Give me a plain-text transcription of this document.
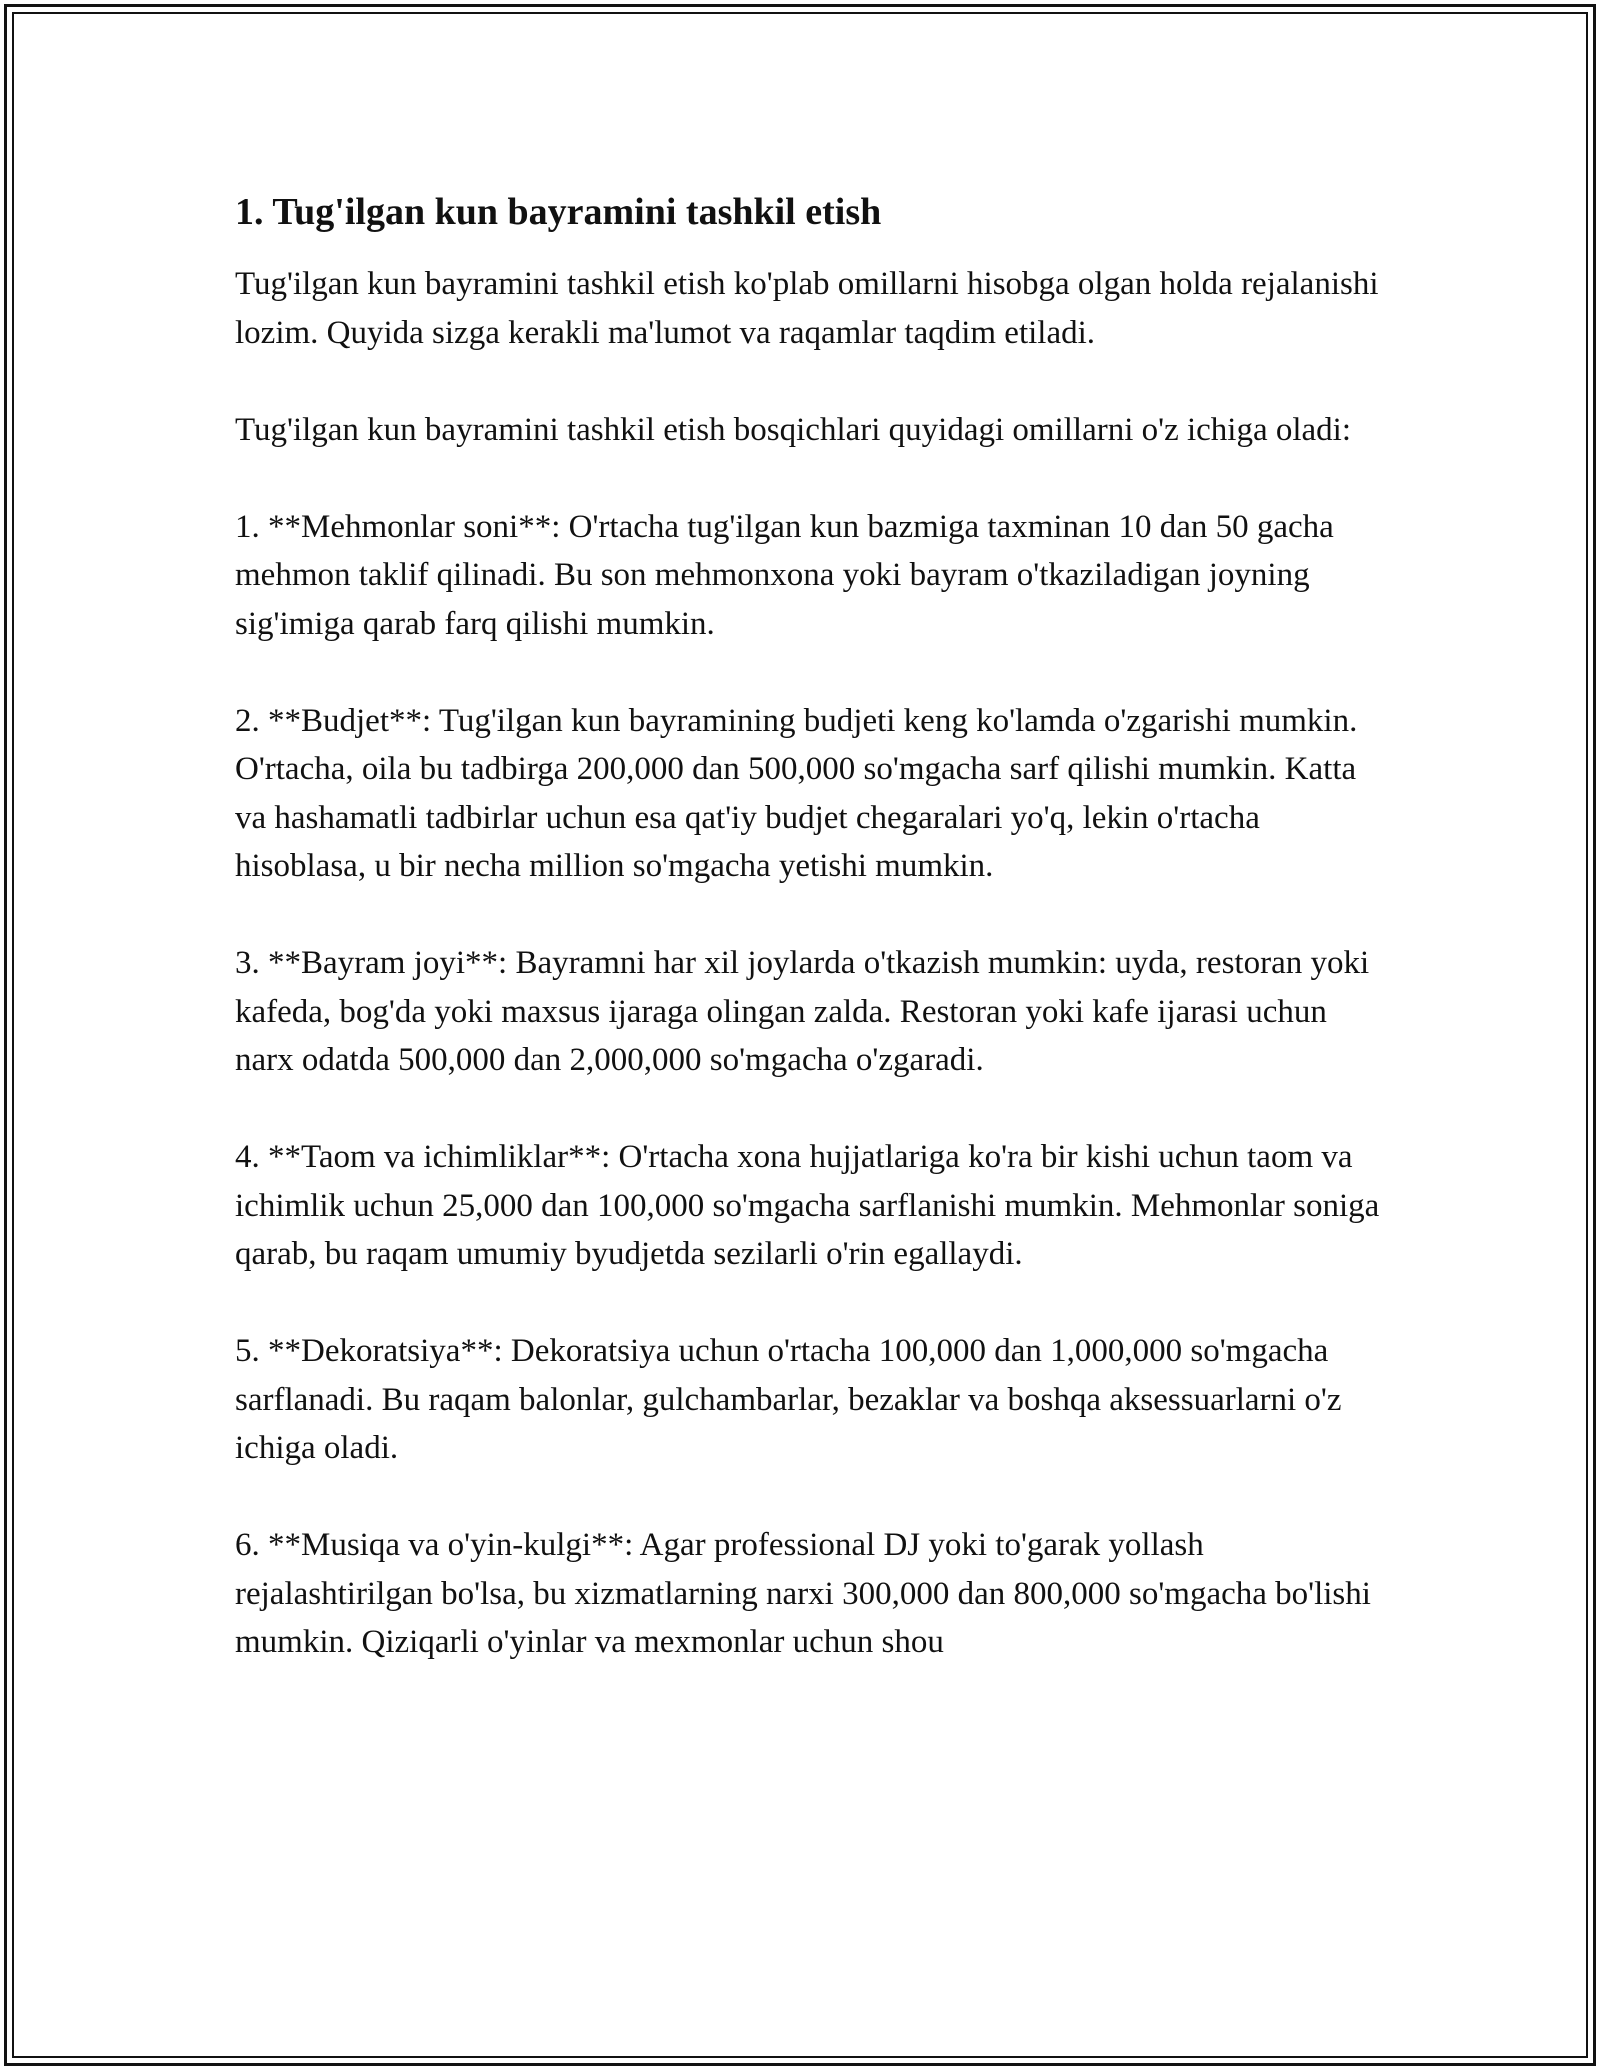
1. Tug'ilgan kun bayramini tashkil etish

Tug'ilgan kun bayramini tashkil etish ko'plab omillarni hisobga olgan holda rejalanishi lozim. Quyida sizga kerakli ma'lumot va raqamlar taqdim etiladi.

Tug'ilgan kun bayramini tashkil etish bosqichlari quyidagi omillarni o'z ichiga oladi:

1. **Mehmonlar soni**: O'rtacha tug'ilgan kun bazmiga taxminan 10 dan 50 gacha mehmon taklif qilinadi. Bu son mehmonxona yoki bayram o'tkaziladigan joyning sig'imiga qarab farq qilishi mumkin.

2. **Budjet**: Tug'ilgan kun bayramining budjeti keng ko'lamda o'zgarishi mumkin. O'rtacha, oila bu tadbirga 200,000 dan 500,000 so'mgacha sarf qilishi mumkin. Katta va hashamatli tadbirlar uchun esa qat'iy budjet chegaralari yo'q, lekin o'rtacha hisoblasa, u bir necha million so'mgacha yetishi mumkin.

3. **Bayram joyi**: Bayramni har xil joylarda o'tkazish mumkin: uyda, restoran yoki kafeda, bog'da yoki maxsus ijaraga olingan zalda. Restoran yoki kafe ijarasi uchun narx odatda 500,000 dan 2,000,000 so'mgacha o'zgaradi.

4. **Taom va ichimliklar**: O'rtacha xona hujjatlariga ko'ra bir kishi uchun taom va ichimlik uchun 25,000 dan 100,000 so'mgacha sarflanishi mumkin. Mehmonlar soniga qarab, bu raqam umumiy byudjetda sezilarli o'rin egallaydi.

5. **Dekoratsiya**: Dekoratsiya uchun o'rtacha 100,000 dan 1,000,000 so'mgacha sarflanadi. Bu raqam balonlar, gulchambarlar, bezaklar va boshqa aksessuarlarni o'z ichiga oladi.

6. **Musiqa va o'yin-kulgi**: Agar professional DJ yoki to'garak yollash rejalashtirilgan bo'lsa, bu xizmatlarning narxi 300,000 dan 800,000 so'mgacha bo'lishi mumkin. Qiziqarli o'yinlar va mexmonlar uchun shou
